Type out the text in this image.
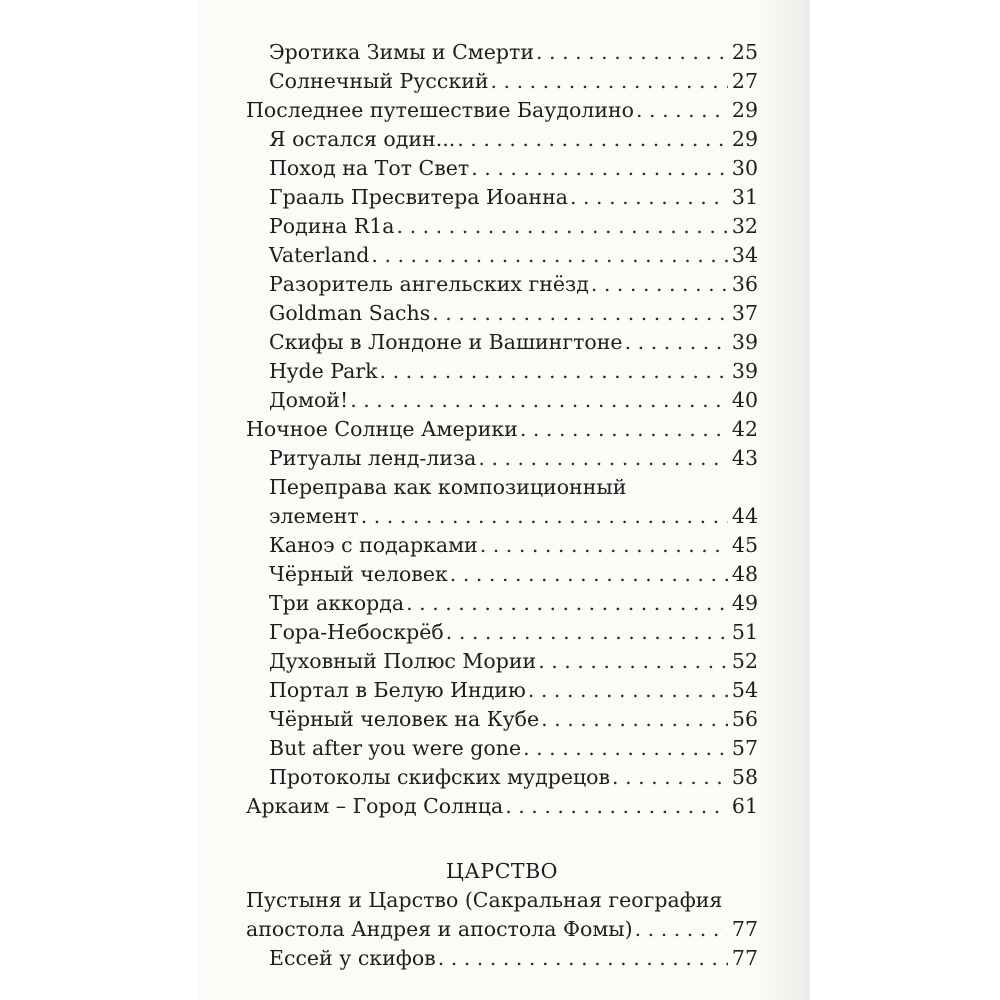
Эротика Зимы и Смерти . . .	25
Солнечный Русский . . .	27
Последнее путешествие Баудолино . . .	29
Я остался один... . . .	29
Поход на Тот Свет . . .	30
Грааль Пресвитера Иоанна . . .	31
Родина R1a . . .	32
Vaterland . . .	34
Разоритель ангельских гнёзд . . .	36
Goldman Sachs . . .	37
Скифы в Лондоне и Вашингтоне . . .	39
Hyde Park . . .	39
Домой! . . .	40
Ночное Солнце Америки . . .	42
Ритуалы ленд-лиза . . .	43
Переправа как композиционный
элемент . . .	44
Каноэ с подарками . . .	45
Чёрный человек . . .	48
Три аккорда . . .	49
Гора-Небоскрёб . . .	51
Духовный Полюс Мории . . .	52
Портал в Белую Индию . . .	54
Чёрный человек на Кубе . . .	56
But after you were gone . . .	57
Протоколы скифских мудрецов . . .	58
Аркаим – Город Солнца . . .	61
ЦАРСТВО
Пустыня и Царство (Сакральная география
апостола Андрея и апостола Фомы) . . .	77
Ессей у скифов . . .	77
